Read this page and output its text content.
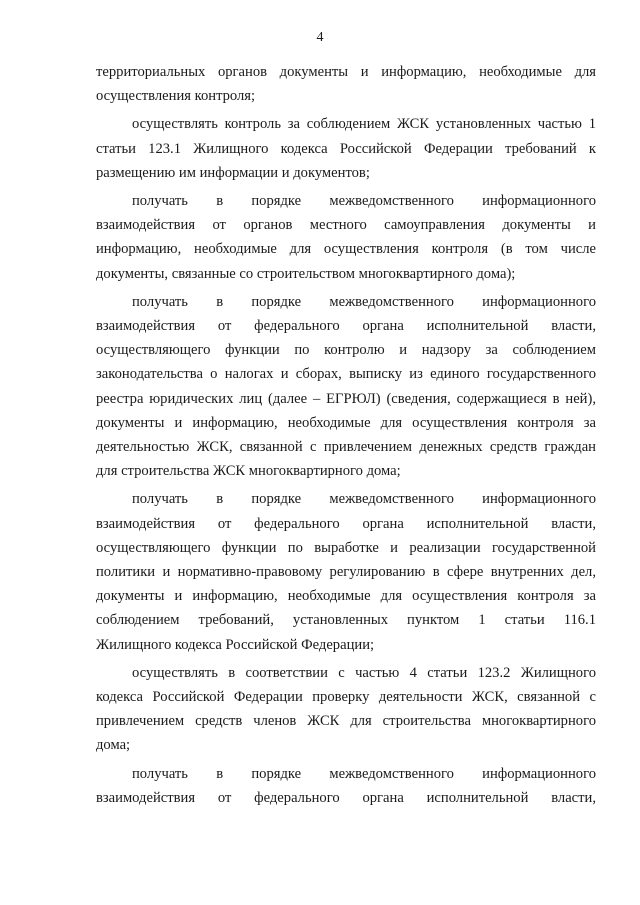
4

территориальных органов документы и информацию, необходимые для
осуществления контроля;

осуществлять контроль за соблюдением ЖСК установленных частью 1
статьи 123.1 Жилищного кодекса Российской Федерации требований к
размещению им информации и документов;

получать в порядке межведомственного информационного
взаимодействия от органов местного самоуправления документы и
информацию, необходимые для осуществления контроля (в том числе
документы, связанные со строительством многоквартирного дома);

получать в порядке межведомственного информационного
взаимодействия от федерального органа исполнительной власти,
осуществляющего функции по контролю и надзору за соблюдением
законодательства о налогах и сборах, выписку из единого государственного
реестра юридических лиц (далее – ЕГРЮЛ) (сведения, содержащиеся в ней),
документы и информацию, необходимые для осуществления контроля за
деятельностью ЖСК, связанной с привлечением денежных средств граждан
для строительства ЖСК многоквартирного дома;

получать в порядке межведомственного информационного
взаимодействия от федерального органа исполнительной власти,
осуществляющего функции по выработке и реализации государственной
политики и нормативно-правовому регулированию в сфере внутренних дел,
документы и информацию, необходимые для осуществления контроля за
соблюдением требований, установленных пунктом 1 статьи 116.1
Жилищного кодекса Российской Федерации;

осуществлять в соответствии с частью 4 статьи 123.2 Жилищного
кодекса Российской Федерации проверку деятельности ЖСК, связанной с
привлечением средств членов ЖСК для строительства многоквартирного
дома;

получать в порядке межведомственного информационного
взаимодействия от федерального органа исполнительной власти,
